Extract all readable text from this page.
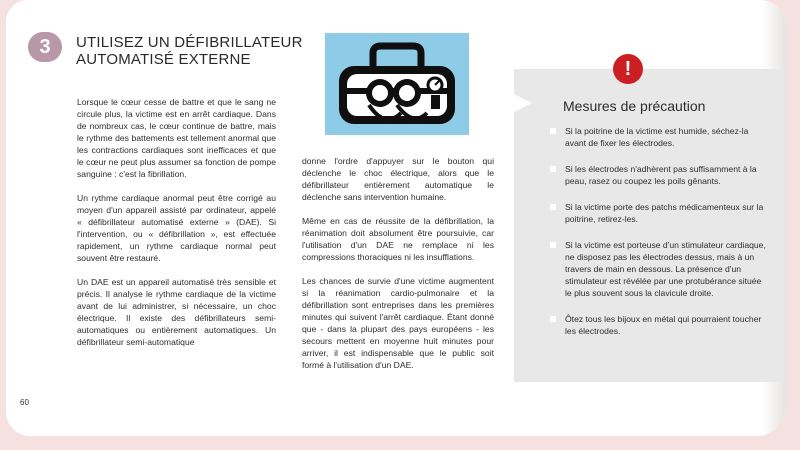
3	UTILISEZ UN DÉFIBRILLATEUR
AUTOMATISÉ EXTERNE

Lorsque le cœur cesse de battre et que le sang ne circule plus, la victime est en arrêt cardiaque. Dans de nombreux cas, le cœur continue de battre, mais le rythme des battements est tellement anormal que les contractions cardiaques sont inefficaces et que le cœur ne peut plus assumer sa fonction de pompe sanguine : c'est la fibrillation.

Un rythme cardiaque anormal peut être corrigé au moyen d'un appareil assisté par ordinateur, appelé « défibrillateur automatisé externe » (DAE). Si l'intervention, ou « défibrillation », est effectuée rapidement, un rythme cardiaque normal peut souvent être restauré.

Un DAE est un appareil automatisé très sensible et précis. Il analyse le rythme cardiaque de la victime avant de lui administrer, si nécessaire, un choc électrique. Il existe des défibrillateurs semi-automatiques ou entièrement automatiques. Un défibrillateur semi-automatique

donne l'ordre d'appuyer sur le bouton qui déclenche le choc électrique, alors que le défibrillateur entièrement automatique le déclenche sans intervention humaine.

Même en cas de réussite de la défibrillation, la réanimation doit absolument être poursuivie, car l'utilisation d'un DAE ne remplace ni les compressions thoraciques ni les insufflations.

Les chances de survie d'une victime augmentent si la réanimation cardio-pulmonaire et la défibrillation sont entreprises dans les premières minutes qui suivent l'arrêt cardiaque. Étant donné que - dans la plupart des pays européens - les secours mettent en moyenne huit minutes pour arriver, il est indispensable que le public soit formé à l'utilisation d'un DAE.

!
Mesures de précaution
Si la poitrine de la victime est humide, séchez-la avant de fixer les électrodes.
Si les électrodes n'adhèrent pas suffisamment à la peau, rasez ou coupez les poils gênants.
Si la victime porte des patchs médicamenteux sur la poitrine, retirez-les.
Si la victime est porteuse d'un stimulateur cardiaque, ne disposez pas les électrodes dessus, mais à un travers de main en dessous. La présence d'un stimulateur est révélée par une protubérance située le plus souvent sous la clavicule droite.
Ôtez tous les bijoux en métal qui pourraient toucher les électrodes.
60
